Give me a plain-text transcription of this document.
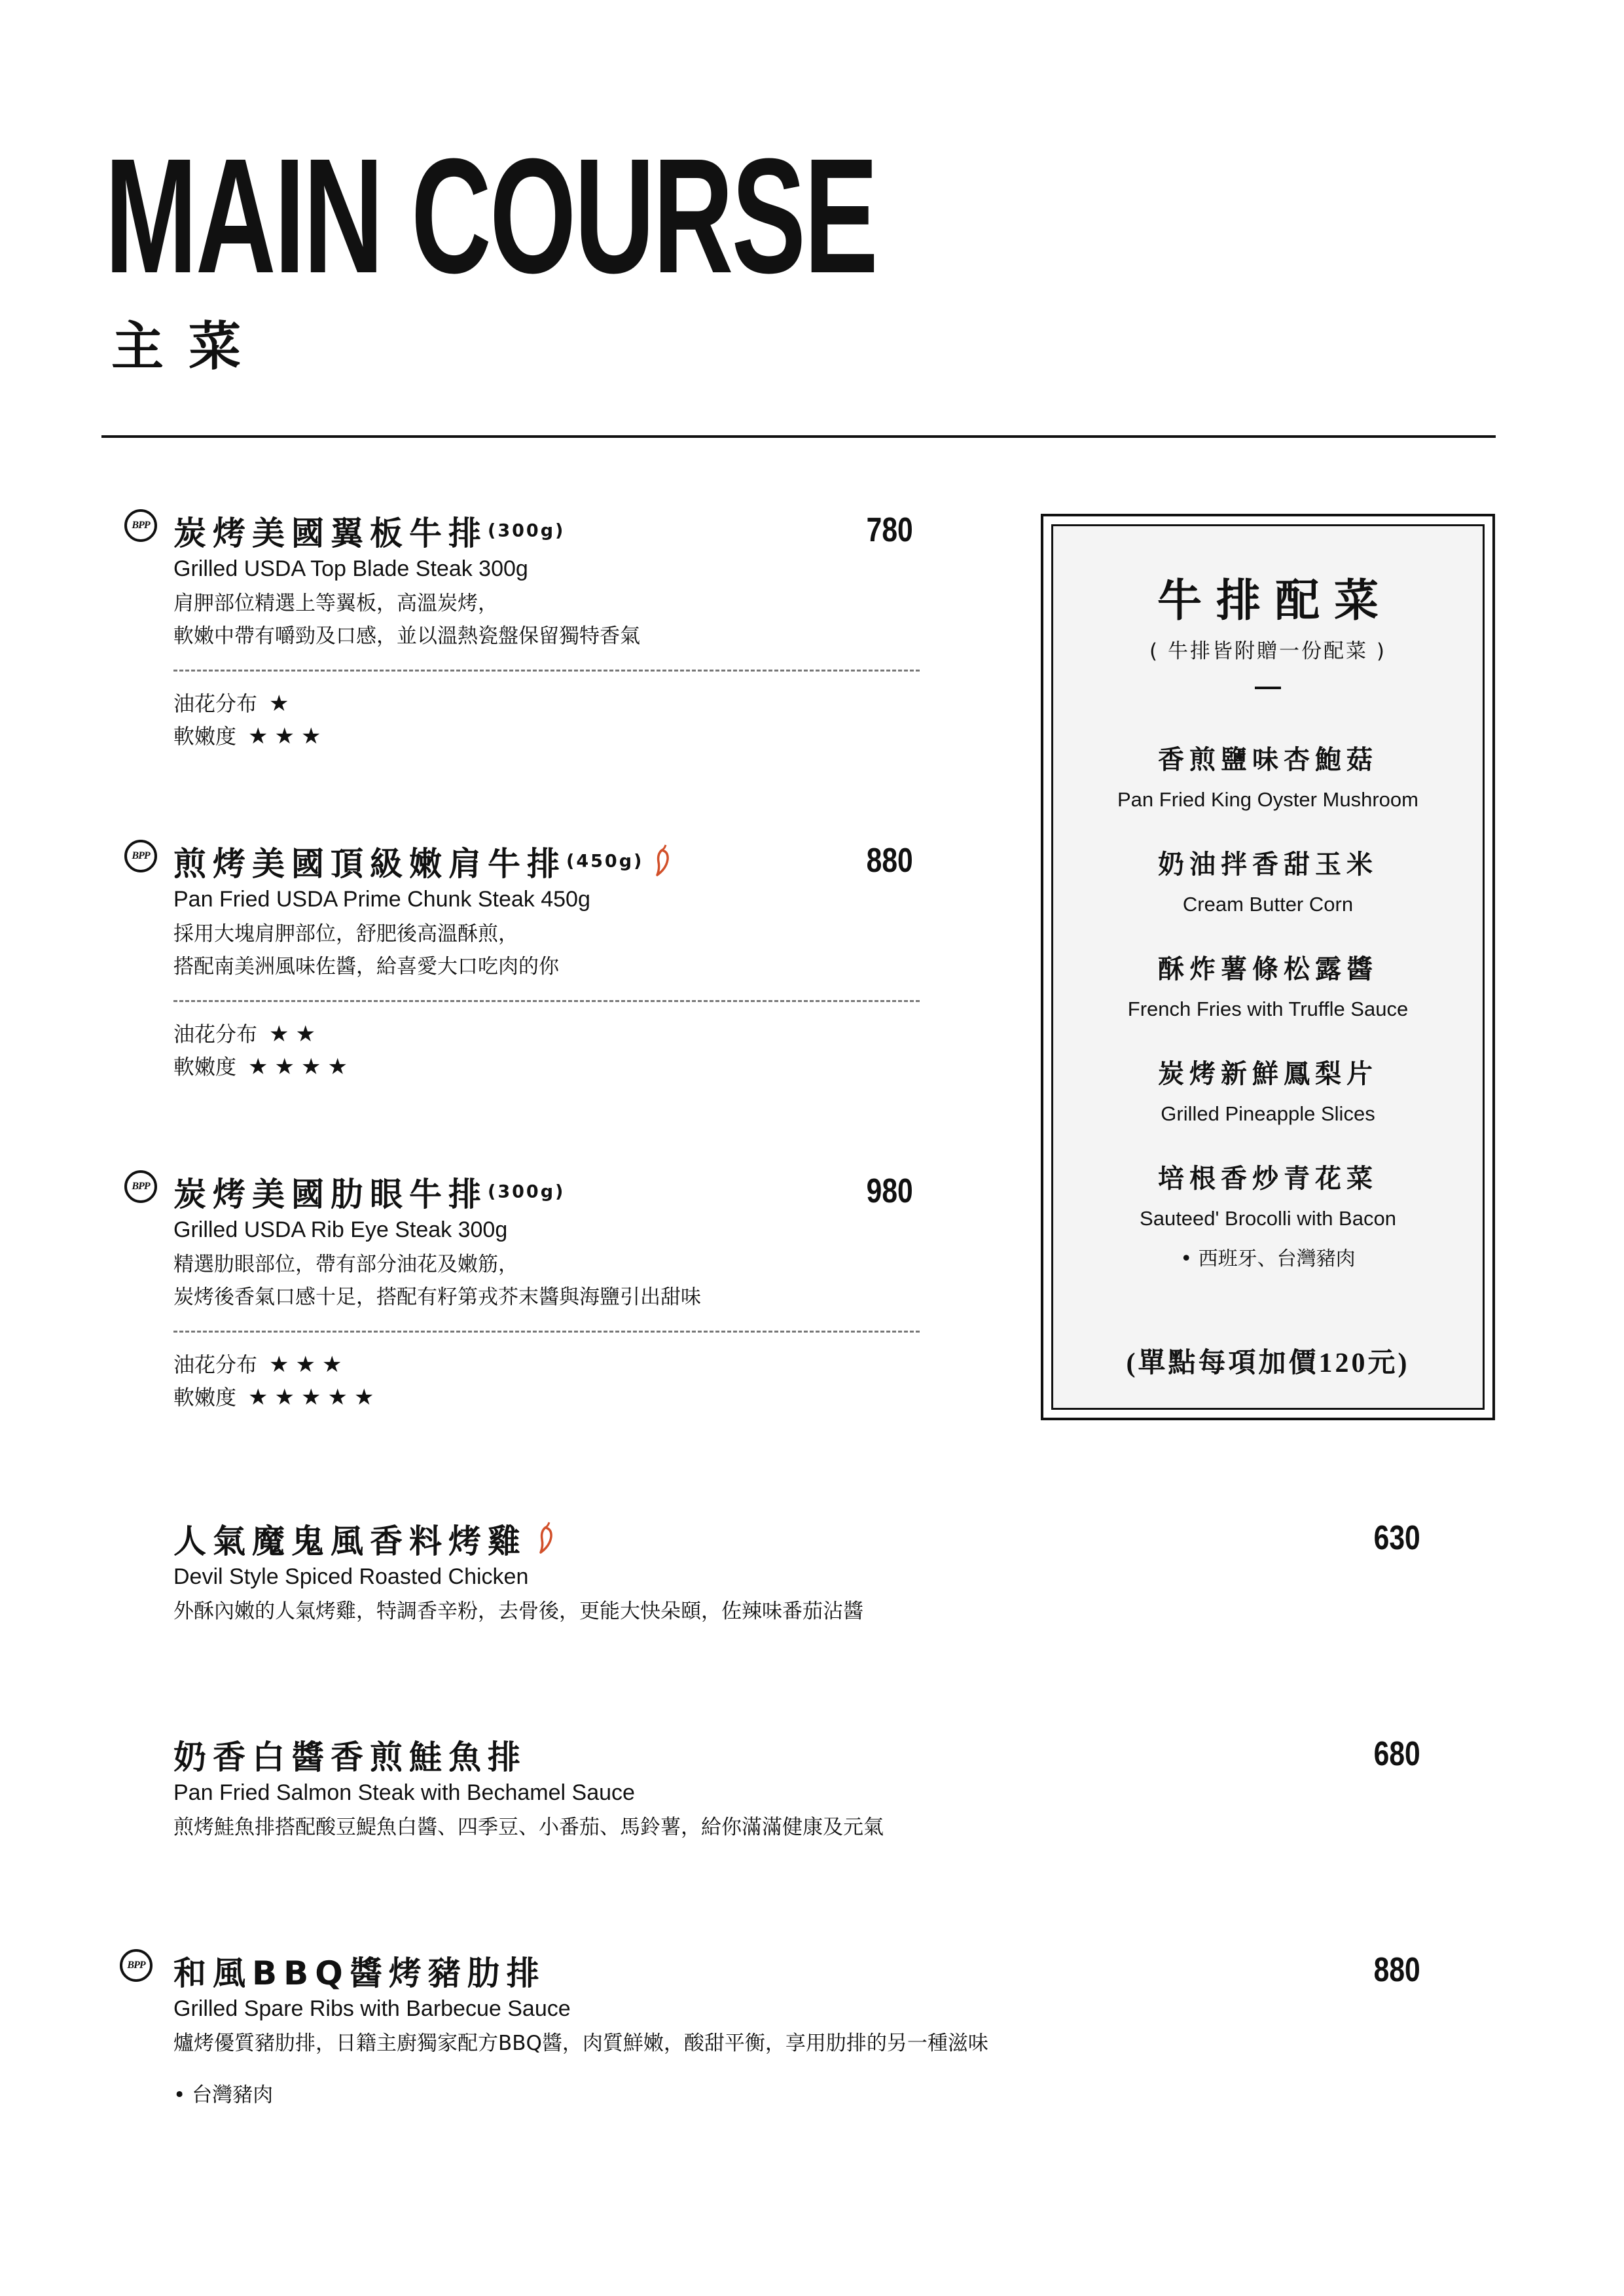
MAIN COURSE
主菜
炭烤美國翼板牛排(300g)
Grilled USDA Top Blade Steak 300g
肩胛部位精選上等翼板，高溫炭烤，
軟嫩中帶有嚼勁及口感，並以溫熱瓷盤保留獨特香氣
油花分布 ★
軟嫩度 ★★★
780
煎烤美國頂級嫩肩牛排(450g)
Pan Fried USDA Prime Chunk Steak 450g
採用大塊肩胛部位，舒肥後高溫酥煎，
搭配南美洲風味佐醬，給喜愛大口吃肉的你
油花分布 ★★
軟嫩度 ★★★★
880
炭烤美國肋眼牛排(300g)
Grilled USDA Rib Eye Steak 300g
精選肋眼部位，帶有部分油花及嫩筋，
炭烤後香氣口感十足，搭配有籽第戎芥末醬與海鹽引出甜味
油花分布 ★★★
軟嫩度 ★★★★★
980
人氣魔鬼風香料烤雞
Devil Style Spiced Roasted Chicken
外酥內嫩的人氣烤雞，特調香辛粉，去骨後，更能大快朵頤，佐辣味番茄沾醬
630
奶香白醬香煎鮭魚排
Pan Fried Salmon Steak with Bechamel Sauce
煎烤鮭魚排搭配酸豆鯷魚白醬、四季豆、小番茄、馬鈴薯，給你滿滿健康及元氣
680
和風BBQ醬烤豬肋排
Grilled Spare Ribs with Barbecue Sauce
爐烤優質豬肋排，日籍主廚獨家配方BBQ醬，肉質鮮嫩，酸甜平衡，享用肋排的另一種滋味
• 台灣豬肉
880
牛排配菜
( 牛排皆附贈一份配菜 )
香煎鹽味杏鮑菇
Pan Fried King Oyster Mushroom
奶油拌香甜玉米
Cream Butter Corn
酥炸薯條松露醬
French Fries with Truffle Sauce
炭烤新鮮鳳梨片
Grilled Pineapple Slices
培根香炒青花菜
Sauteed' Brocolli with Bacon
• 西班牙、台灣豬肉
(單點每項加價120元)
BPP
BPP
BPP
BPP
